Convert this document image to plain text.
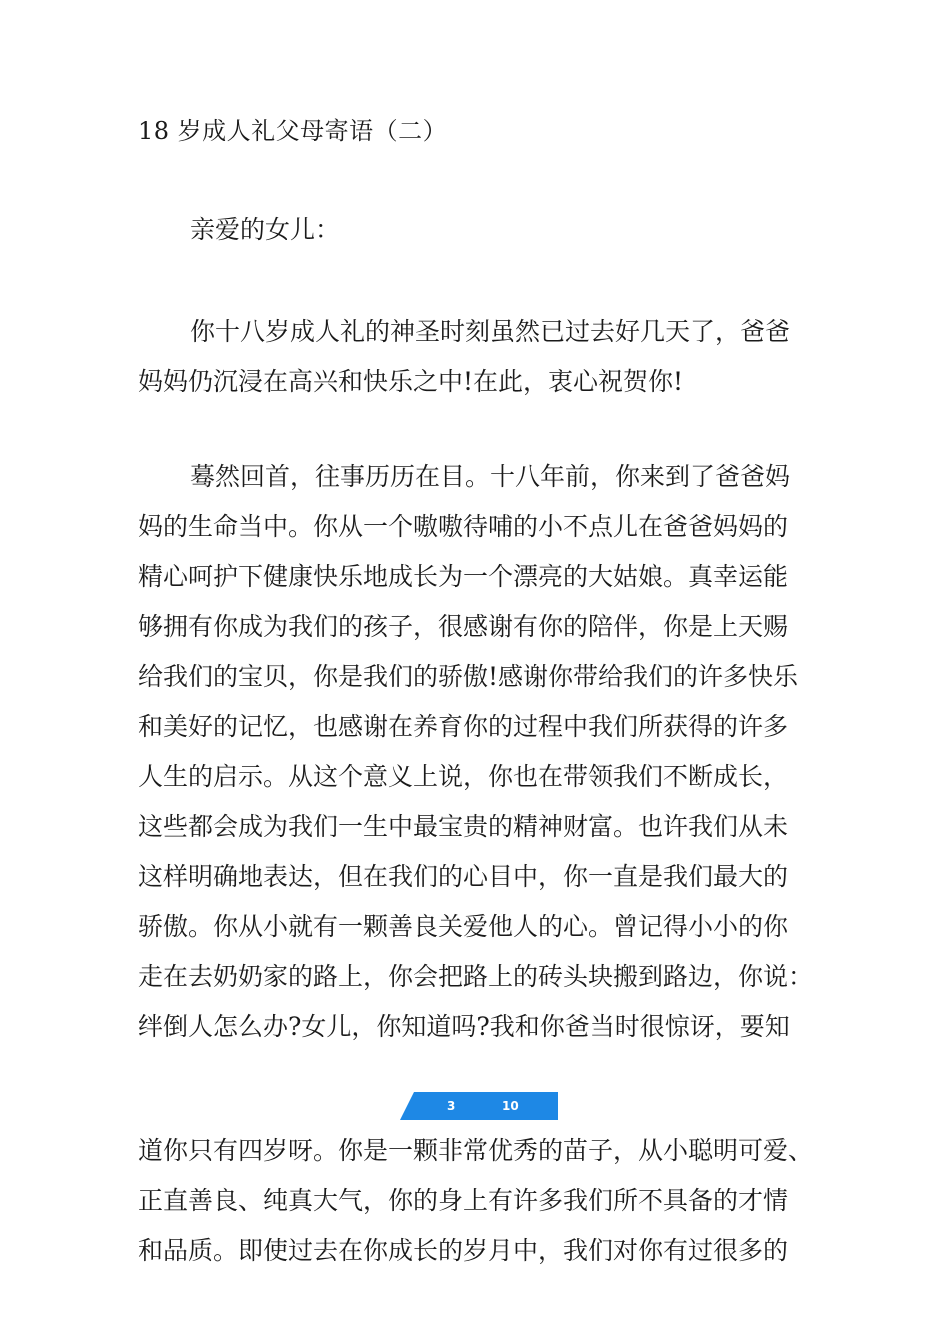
18 岁成人礼父母寄语（二）
亲爱的女儿：
你十八岁成人礼的神圣时刻虽然已过去好几天了，爸爸
妈妈仍沉浸在高兴和快乐之中!在此，衷心祝贺你!
蓦然回首，往事历历在目。十八年前，你来到了爸爸妈
妈的生命当中。你从一个嗷嗷待哺的小不点儿在爸爸妈妈的
精心呵护下健康快乐地成长为一个漂亮的大姑娘。真幸运能
够拥有你成为我们的孩子，很感谢有你的陪伴，你是上天赐
给我们的宝贝，你是我们的骄傲!感谢你带给我们的许多快乐
和美好的记忆，也感谢在养育你的过程中我们所获得的许多
人生的启示。从这个意义上说，你也在带领我们不断成长，
这些都会成为我们一生中最宝贵的精神财富。也许我们从未
这样明确地表达，但在我们的心目中，你一直是我们最大的
骄傲。你从小就有一颗善良关爱他人的心。曾记得小小的你
走在去奶奶家的路上，你会把路上的砖头块搬到路边，你说：
绊倒人怎么办?女儿，你知道吗?我和你爸当时很惊讶，要知
3	10
道你只有四岁呀。你是一颗非常优秀的苗子，从小聪明可爱、
正直善良、纯真大气，你的身上有许多我们所不具备的才情
和品质。即使过去在你成长的岁月中，我们对你有过很多的
